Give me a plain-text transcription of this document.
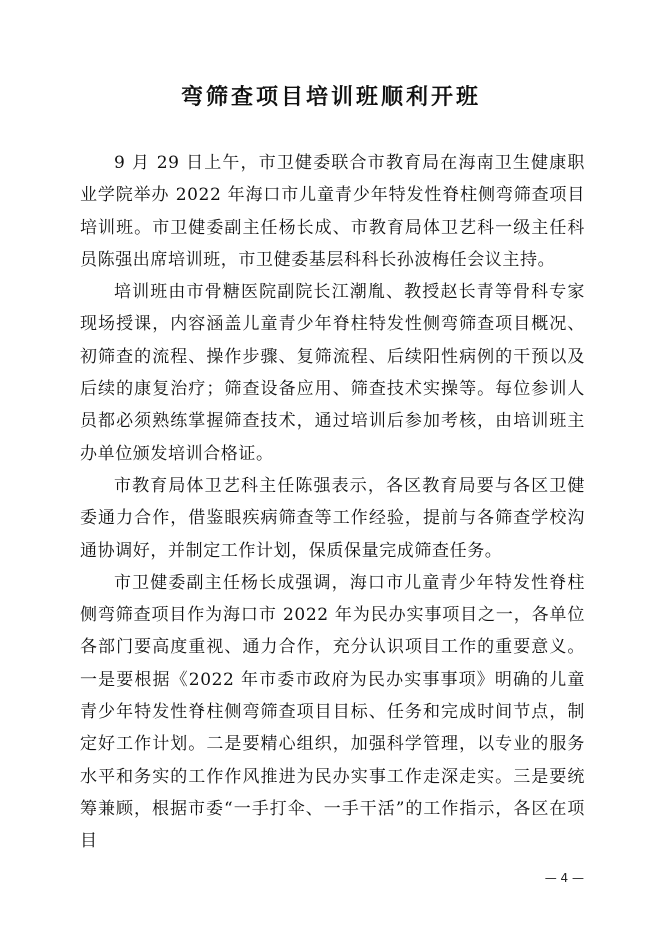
弯筛查项目培训班顺利开班

9 月 29 日上午，市卫健委联合市教育局在海南卫生健康职业学院举办 2022 年海口市儿童青少年特发性脊柱侧弯筛查项目培训班。市卫健委副主任杨长成、市教育局体卫艺科一级主任科员陈强出席培训班，市卫健委基层科科长孙波梅任会议主持。

培训班由市骨糖医院副院长江潮胤、教授赵长青等骨科专家现场授课，内容涵盖儿童青少年脊柱特发性侧弯筛查项目概况、初筛查的流程、操作步骤、复筛流程、后续阳性病例的干预以及后续的康复治疗；筛查设备应用、筛查技术实操等。每位参训人员都必须熟练掌握筛查技术，通过培训后参加考核，由培训班主办单位颁发培训合格证。

市教育局体卫艺科主任陈强表示，各区教育局要与各区卫健委通力合作，借鉴眼疾病筛查等工作经验，提前与各筛查学校沟通协调好，并制定工作计划，保质保量完成筛查任务。

市卫健委副主任杨长成强调，海口市儿童青少年特发性脊柱侧弯筛查项目作为海口市 2022 年为民办实事项目之一，各单位各部门要高度重视、通力合作，充分认识项目工作的重要意义。一是要根据《2022 年市委市政府为民办实事事项》明确的儿童青少年特发性脊柱侧弯筛查项目目标、任务和完成时间节点，制定好工作计划。二是要精心组织，加强科学管理，以专业的服务水平和务实的工作作风推进为民办实事工作走深走实。三是要统筹兼顾，根据市委“一手打伞、一手干活”的工作指示，各区在项目

— 4 —
